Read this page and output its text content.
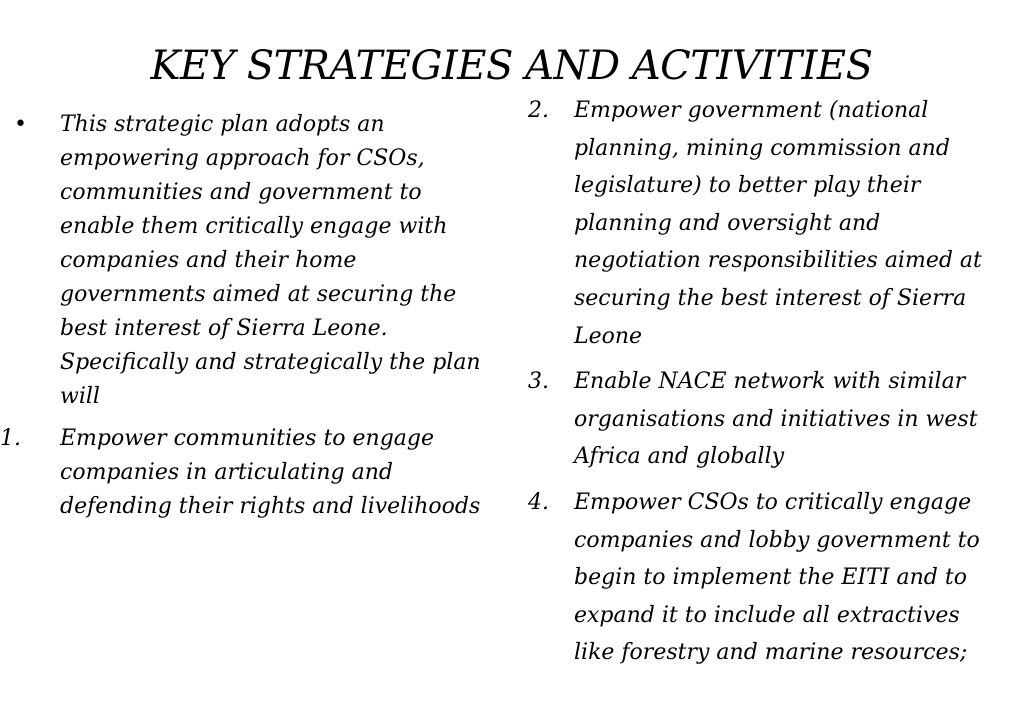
KEY STRATEGIES AND ACTIVITIES
•	This strategic plan adopts an empowering approach for CSOs, communities and government to enable them critically engage with companies and their home governments aimed at securing the best interest of Sierra Leone. Specifically and strategically the plan will
1.	Empower communities to engage companies in articulating and defending their rights and livelihoods
2.	Empower government (national planning, mining commission and legislature) to better play their planning and oversight and negotiation responsibilities aimed at securing the best interest of Sierra Leone
3.	Enable NACE network with similar organisations and initiatives in west Africa and globally
4.	Empower CSOs to critically engage companies and lobby government to begin to implement the EITI and to expand it to include all extractives like forestry and marine resources;
